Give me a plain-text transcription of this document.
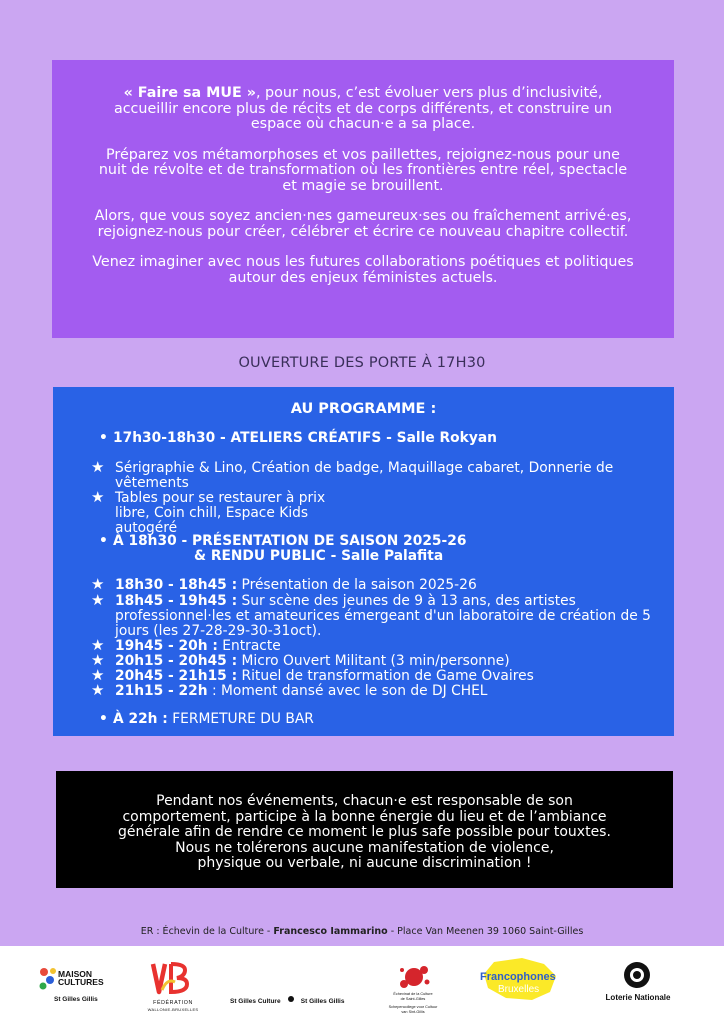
« Faire sa MUE », pour nous, c’est évoluer vers plus d’inclusivité, accueillir encore plus de récits et de corps différents, et construire un espace où chacun·e a sa place.

Préparez vos métamorphoses et vos paillettes, rejoignez-nous pour une nuit de révolte et de transformation où les frontières entre réel, spectacle et magie se brouillent.

Alors, que vous soyez ancien·nes gameureux·ses ou fraîchement arrivé·es, rejoignez-nous pour créer, célébrer et écrire ce nouveau chapitre collectif.

Venez imaginer avec nous les futures collaborations poétiques et politiques autour des enjeux féministes actuels.

OUVERTURE DES PORTE À 17H30
AU PROGRAMME :
• 17h30-18h30 - ATELIERS CRÉATIFS - Salle Rokyan
★ Sérigraphie & Lino, Création de badge, Maquillage cabaret, Donnerie de vêtements
★ Tables pour se restaurer à prix libre, Coin chill, Espace Kids autogéré
• À 18h30 - PRÉSENTATION DE SAISON 2025-26
& RENDU PUBLIC - Salle Palafita
★ 18h30 - 18h45 : Présentation de la saison 2025-26
★ 18h45 - 19h45 : Sur scène des jeunes de 9 à 13 ans, des artistes professionnel·les et amateurices émergeant d'un laboratoire de création de 5 jours (les 27-28-29-30-31oct).
★ 19h45 - 20h : Entracte
★ 20h15 - 20h45 : Micro Ouvert Militant (3 min/personne)
★ 20h45 - 21h15 : Rituel de transformation de Game Ovaires
★ 21h15 - 22h : Moment dansé avec le son de DJ CHEL
• À 22h : FERMETURE DU BAR
Pendant nos événements, chacun·e est responsable de son
comportement, participe à la bonne énergie du lieu et de l’ambiance
générale afin de rendre ce moment le plus safe possible pour touxtes.
Nous ne tolérerons aucune manifestation de violence,
physique ou verbale, ni aucune discrimination !
ER : Échevin de la Culture - Francesco Iammarino - Place Van Meenen 39 1060 Saint-Gilles
MAISON
CULTURES
St Gilles Gillis	FÉDÉRATION
WALLONIE-BRUXELLES
St Gilles Culture	St Gilles Gillis
Échevinat de la Culture
de Saint-Gilles
Schepencollege voor Cultuur
van Sint-Gillis
Francophones
Bruxelles
Loterie Nationale
